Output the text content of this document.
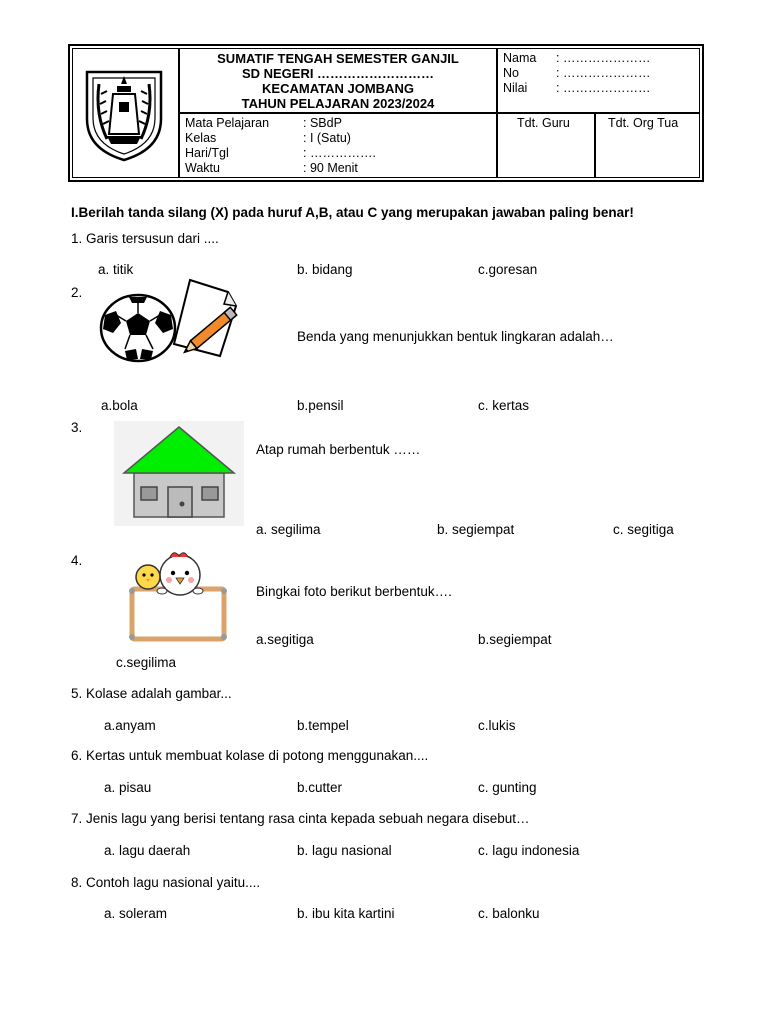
SUMATIF TENGAH SEMESTER GANJIL
SD NEGERI ………………………
KECAMATAN JOMBANG
TAHUN PELAJARAN 2023/2024
Nama : …………………
No	: …………………
Nilai : …………………
Mata Pelajaran	: SBdP
Kelas	: I (Satu)
Hari/Tgl	: …………….
Waktu	: 90 Menit
Tdt. Guru	Tdt. Org Tua
I.Berilah tanda silang (X) pada huruf A,B, atau C yang merupakan jawaban paling benar!
1. Garis tersusun dari ....
a. titik	b. bidang	c.goresan
2.
Benda yang menunjukkan bentuk lingkaran adalah…
a.bola	b.pensil	c. kertas
3.
Atap rumah berbentuk ……
a. segilima	b. segiempat	c. segitiga
4.
Bingkai foto berikut berbentuk….
a.segitiga	b.segiempat
c.segilima
5. Kolase adalah gambar...
a.anyam	b.tempel	c.lukis
6. Kertas untuk membuat kolase di potong menggunakan....
a. pisau	b.cutter	c. gunting
7. Jenis lagu yang berisi tentang rasa cinta kepada sebuah negara disebut…
a. lagu daerah	b. lagu nasional	c. lagu indonesia
8. Contoh lagu nasional yaitu....
a. soleram	b. ibu kita kartini	c. balonku
